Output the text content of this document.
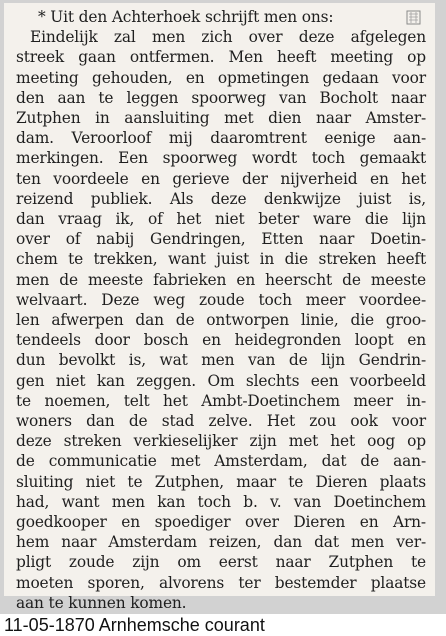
* Uit den Achterhoek schrijft men ons:
Eindelijk zal men zich over deze afgelegen
streek gaan ontfermen. Men heeft meeting op
meeting gehouden, en opmetingen gedaan voor
den aan te leggen spoorweg van Bocholt naar
Zutphen in aansluiting met dien naar Amster-
dam. Veroorloof mij daaromtrent eenige aan-
merkingen. Een spoorweg wordt toch gemaakt
ten voordeele en gerieve der nijverheid en het
reizend publiek. Als deze denkwijze juist is,
dan vraag ik, of het niet beter ware die lijn
over of nabij Gendringen, Etten naar Doetin-
chem te trekken, want juist in die streken heeft
men de meeste fabrieken en heerscht de meeste
welvaart. Deze weg zoude toch meer voordee-
len afwerpen dan de ontworpen linie, die groo-
tendeels door bosch en heidegronden loopt en
dun bevolkt is, wat men van de lijn Gendrin-
gen niet kan zeggen. Om slechts een voorbeeld
te noemen, telt het Ambt-Doetinchem meer in-
woners dan de stad zelve. Het zou ook voor
deze streken verkieselijker zijn met het oog op
de communicatie met Amsterdam, dat de aan-
sluiting niet te Zutphen, maar te Dieren plaats
had, want men kan toch b. v. van Doetinchem
goedkooper en spoediger over Dieren en Arn-
hem naar Amsterdam reizen, dan dat men ver-
pligt zoude zijn om eerst naar Zutphen te
moeten sporen, alvorens ter bestemder plaatse
aan te kunnen komen.
11-05-1870 Arnhemsche courant
